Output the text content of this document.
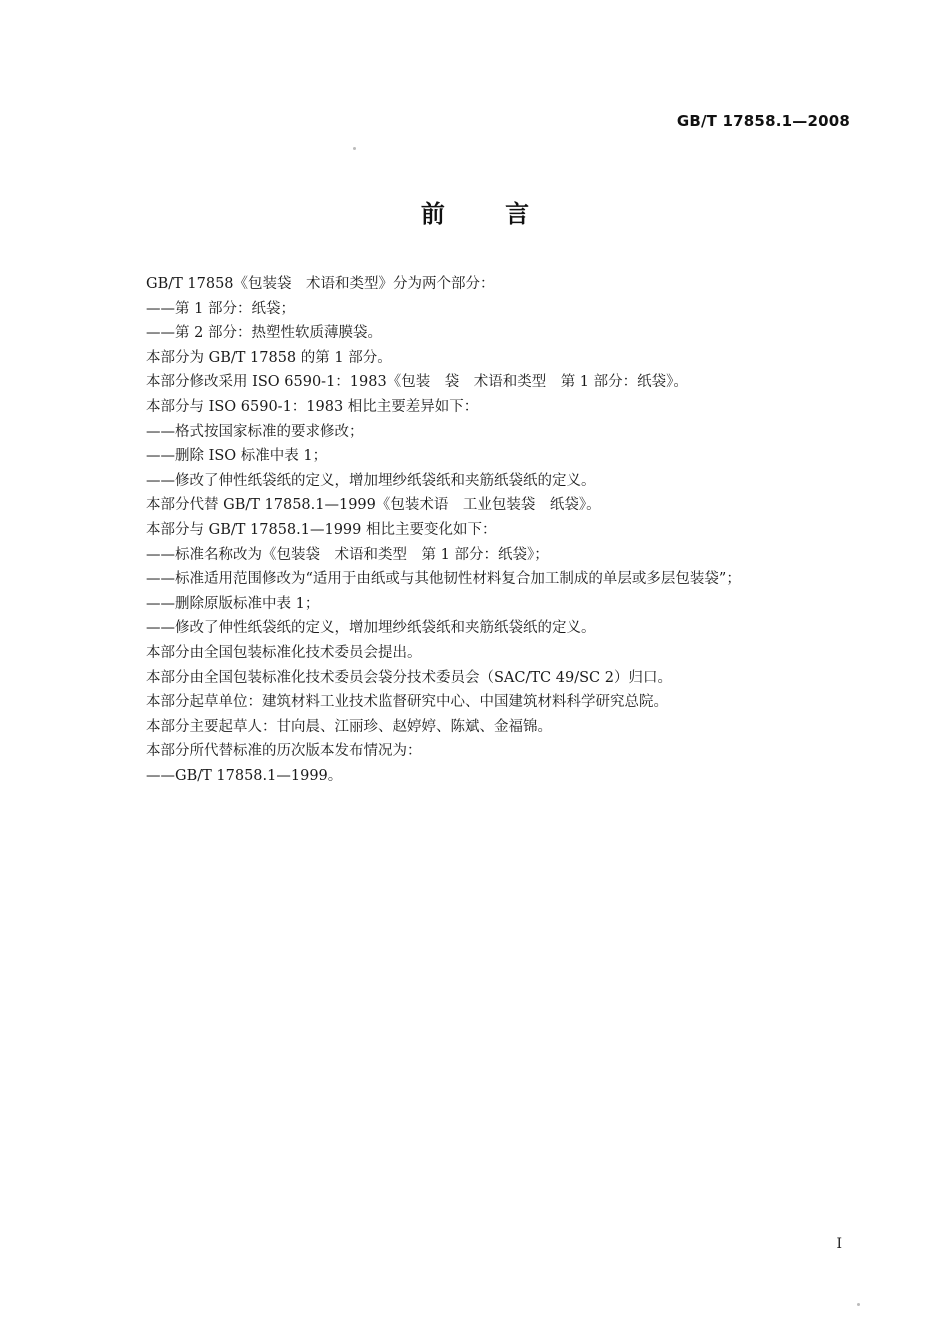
GB/T 17858.1—2008
前 言
GB/T 17858《包装袋　术语和类型》分为两个部分：
——第 1 部分：纸袋；
——第 2 部分：热塑性软质薄膜袋。
本部分为 GB/T 17858 的第 1 部分。
本部分修改采用 ISO 6590-1：1983《包装　袋　术语和类型　第 1 部分：纸袋》。
本部分与 ISO 6590-1：1983 相比主要差异如下：
——格式按国家标准的要求修改；
——删除 ISO 标准中表 1；
——修改了伸性纸袋纸的定义，增加埋纱纸袋纸和夹筋纸袋纸的定义。
本部分代替 GB/T 17858.1—1999《包装术语　工业包装袋　纸袋》。
本部分与 GB/T 17858.1—1999 相比主要变化如下：
——标准名称改为《包装袋　术语和类型　第 1 部分：纸袋》；
——标准适用范围修改为“适用于由纸或与其他韧性材料复合加工制成的单层或多层包装袋”；
——删除原版标准中表 1；
——修改了伸性纸袋纸的定义，增加埋纱纸袋纸和夹筋纸袋纸的定义。
本部分由全国包装标准化技术委员会提出。
本部分由全国包装标准化技术委员会袋分技术委员会（SAC/TC 49/SC 2）归口。
本部分起草单位：建筑材料工业技术监督研究中心、中国建筑材料科学研究总院。
本部分主要起草人：甘向晨、江丽珍、赵婷婷、陈斌、金福锦。
本部分所代替标准的历次版本发布情况为：
——GB/T 17858.1—1999。
I
